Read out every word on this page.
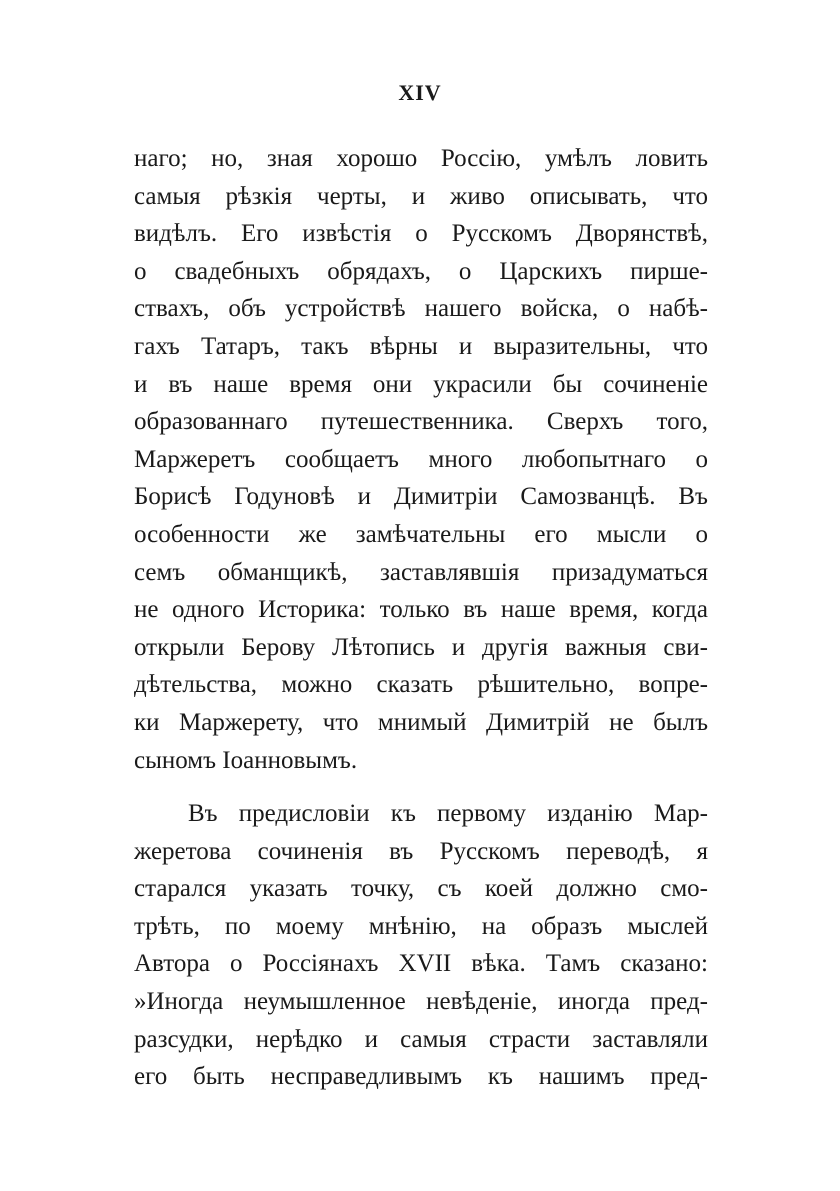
XIV
наго; но, зная хорошо Россію, умѣлъ ловить
самыя рѣзкія черты, и живо описывать, что
видѣлъ. Его извѣстія о Русскомъ Дворянствѣ,
о свадебныхъ обрядахъ, о Царскихъ пирше-
ствахъ, объ устройствѣ нашего войска, о набѣ-
гахъ Татаръ, такъ вѣрны и выразительны, что
и въ наше время они украсили бы сочиненіе
образованнаго путешественника. Сверхъ того,
Маржеретъ сообщаетъ много любопытнаго о
Борисѣ Годуновѣ и Димитріи Самозванцѣ. Въ
особенности же замѣчательны его мысли о
семъ обманщикѣ, заставлявшія призадуматься
не одного Историка: только въ наше время, когда
открыли Берову Лѣтопись и другія важныя сви-
дѣтельства, можно сказать рѣшительно, вопре-
ки Маржерету, что мнимый Димитрій не былъ
сыномъ Іоанновымъ.
Въ предисловіи къ первому изданію Мар-
жеретова сочиненія въ Русскомъ переводѣ, я
старался указать точку, съ коей должно смо-
трѣть, по моему мнѣнію, на образъ мыслей
Автора о Россіянахъ XVII вѣка. Тамъ сказано:
»Иногда неумышленное невѣденіе, иногда пред-
разсудки, нерѣдко и самыя страсти заставляли
его быть несправедливымъ къ нашимъ пред-
